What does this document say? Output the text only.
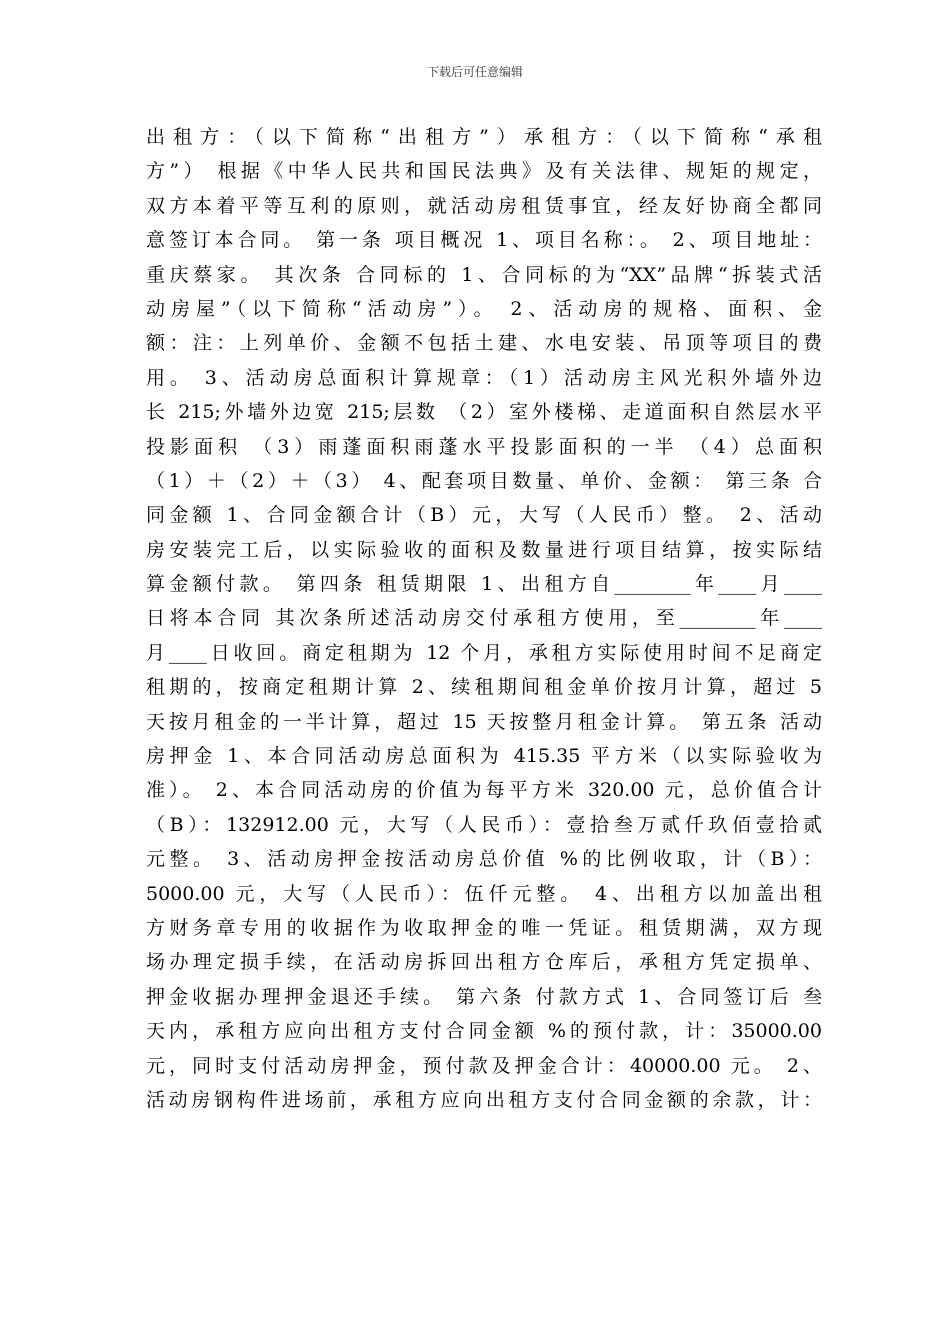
下载后可任意编辑
出租方：（以下简称“出租方”）承租方：（以下简称“承租
方”） 根据《中华人民共和国民法典》及有关法律、规矩的规定，
双方本着平等互利的原则，就活动房租赁事宜，经友好协商全都同
意签订本合同。 第一条 项目概况 1、项目名称：。 2、项目地址：
重庆蔡家。 其次条 合同标的 1、合同标的为“XX”品牌“拆装式活
动房屋”（以下简称“活动房”）。 2、活动房的规格、面积、金
额：注：上列单价、金额不包括土建、水电安装、吊顶等项目的费
用。 3、活动房总面积计算规章：（1）活动房主风光积外墙外边
长 215;外墙外边宽 215;层数 （2）室外楼梯、走道面积自然层水平
投影面积 （3）雨蓬面积雨蓬水平投影面积的一半 （4）总面积
（1）＋（2）＋（3） 4、配套项目数量、单价、金额： 第三条 合
同金额 1、合同金额合计（B）元，大写（人民币）整。 2、活动
房安装完工后，以实际验收的面积及数量进行项目结算，按实际结
算金额付款。 第四条 租赁期限 1、出租方自________年____月____
日将本合同 其次条所述活动房交付承租方使用，至________年____
月____日收回。商定租期为 12 个月，承租方实际使用时间不足商定
租期的，按商定租期计算 2、续租期间租金单价按月计算，超过 5
天按月租金的一半计算，超过 15 天按整月租金计算。 第五条 活动
房押金 1、本合同活动房总面积为 415.35 平方米（以实际验收为
准）。 2、本合同活动房的价值为每平方米 320.00 元，总价值合计
（B）：132912.00 元，大写（人民币）：壹拾叁万贰仟玖佰壹拾贰
元整。 3、活动房押金按活动房总价值 %的比例收取，计（B）：
5000.00 元，大写（人民币）：伍仟元整。 4、出租方以加盖出租
方财务章专用的收据作为收取押金的唯一凭证。租赁期满，双方现
场办理定损手续，在活动房拆回出租方仓库后，承租方凭定损单、
押金收据办理押金退还手续。 第六条 付款方式 1、合同签订后 叁
天内，承租方应向出租方支付合同金额 %的预付款，计：35000.00
元，同时支付活动房押金，预付款及押金合计：40000.00 元。 2、
活动房钢构件进场前，承租方应向出租方支付合同金额的余款，计：
